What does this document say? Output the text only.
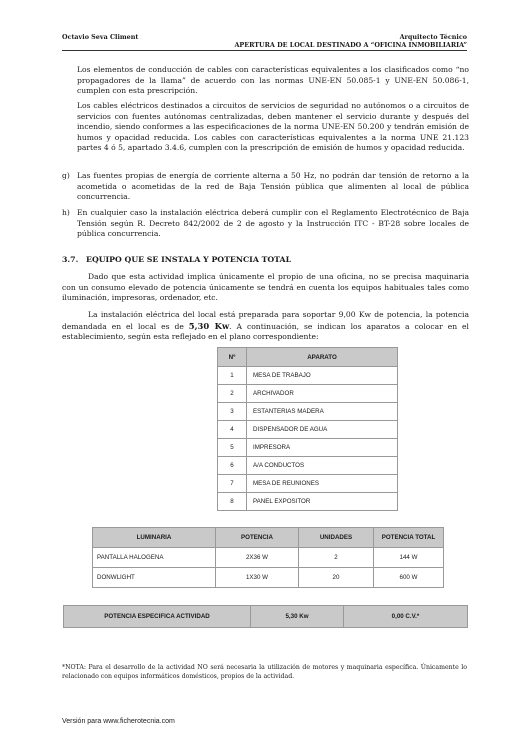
Octavio Seva Climent	Arquitecto Técnico
APERTURA DE LOCAL DESTINADO A “OFICINA INMOBILIARIA”

Los elementos de conducción de cables con características equivalentes a los clasificados como “no propagadores de la llama” de acuerdo con las normas UNE-EN 50.085-1 y UNE-EN 50.086-1, cumplen con esta prescripción.

Los cables eléctricos destinados a circuitos de servicios de seguridad no autónomos o a circuitos de servicios con fuentes autónomas centralizadas, deben mantener el servicio durante y después del incendio, siendo conformes a las especificaciones de la norma UNE-EN 50.200 y tendrán emisión de humos y opacidad reducida. Los cables con características equivalentes a la norma UNE 21.123 partes 4 ó 5, apartado 3.4.6, cumplen con la prescripción de emisión de humos y opacidad reducida.

g) Las fuentes propias de energía de corriente alterna a 50 Hz, no podrán dar tensión de retorno a la acometida o acometidas de la red de Baja Tensión pública que alimenten al local de pública concurrencia.

h) En cualquier caso la instalación eléctrica deberá cumplir con el Reglamento Electrotécnico de Baja Tensión según R. Decreto 842/2002 de 2 de agosto y la Instrucción ITC - BT-28 sobre locales de pública concurrencia.

3.7. EQUIPO QUE SE INSTALA Y POTENCIA TOTAL

Dado que esta actividad implica únicamente el propio de una oficina, no se precisa maquinaria con un consumo elevado de potencia únicamente se tendrá en cuenta los equipos habituales tales como iluminación, impresoras, ordenador, etc.

La instalación eléctrica del local está preparada para soportar 9,00 Kw de potencia, la potencia demandada en el local es de 5,30 Kw. A continuación, se indican los aparatos a colocar en el establecimiento, según esta reflejado en el plano correspondiente:

Nº	APARATO
1	MESA DE TRABAJO
2	ARCHIVADOR
3	ESTANTERIAS MADERA
4	DISPENSADOR DE AGUA
5	IMPRESORA
6	A/A CONDUCTOS
7	MESA DE REUNIONES
8	PANEL EXPOSITOR
LUMINARIA	POTENCIA	UNIDADES	POTENCIA TOTAL
PANTALLA HALOGENA	2X36 W	2	144 W
DONWLIGHT	1X30 W	20	600 W
POTENCIA ESPECIFICA ACTIVIDAD	5,30 Kw	0,00 C.V.*

*NOTA: Para el desarrollo de la actividad NO será necesaria la utilización de motores y maquinaria específica. Únicamente lo relacionado con equipos informáticos domésticos, propios de la actividad.

Versión para www.ficherotecnia.com
